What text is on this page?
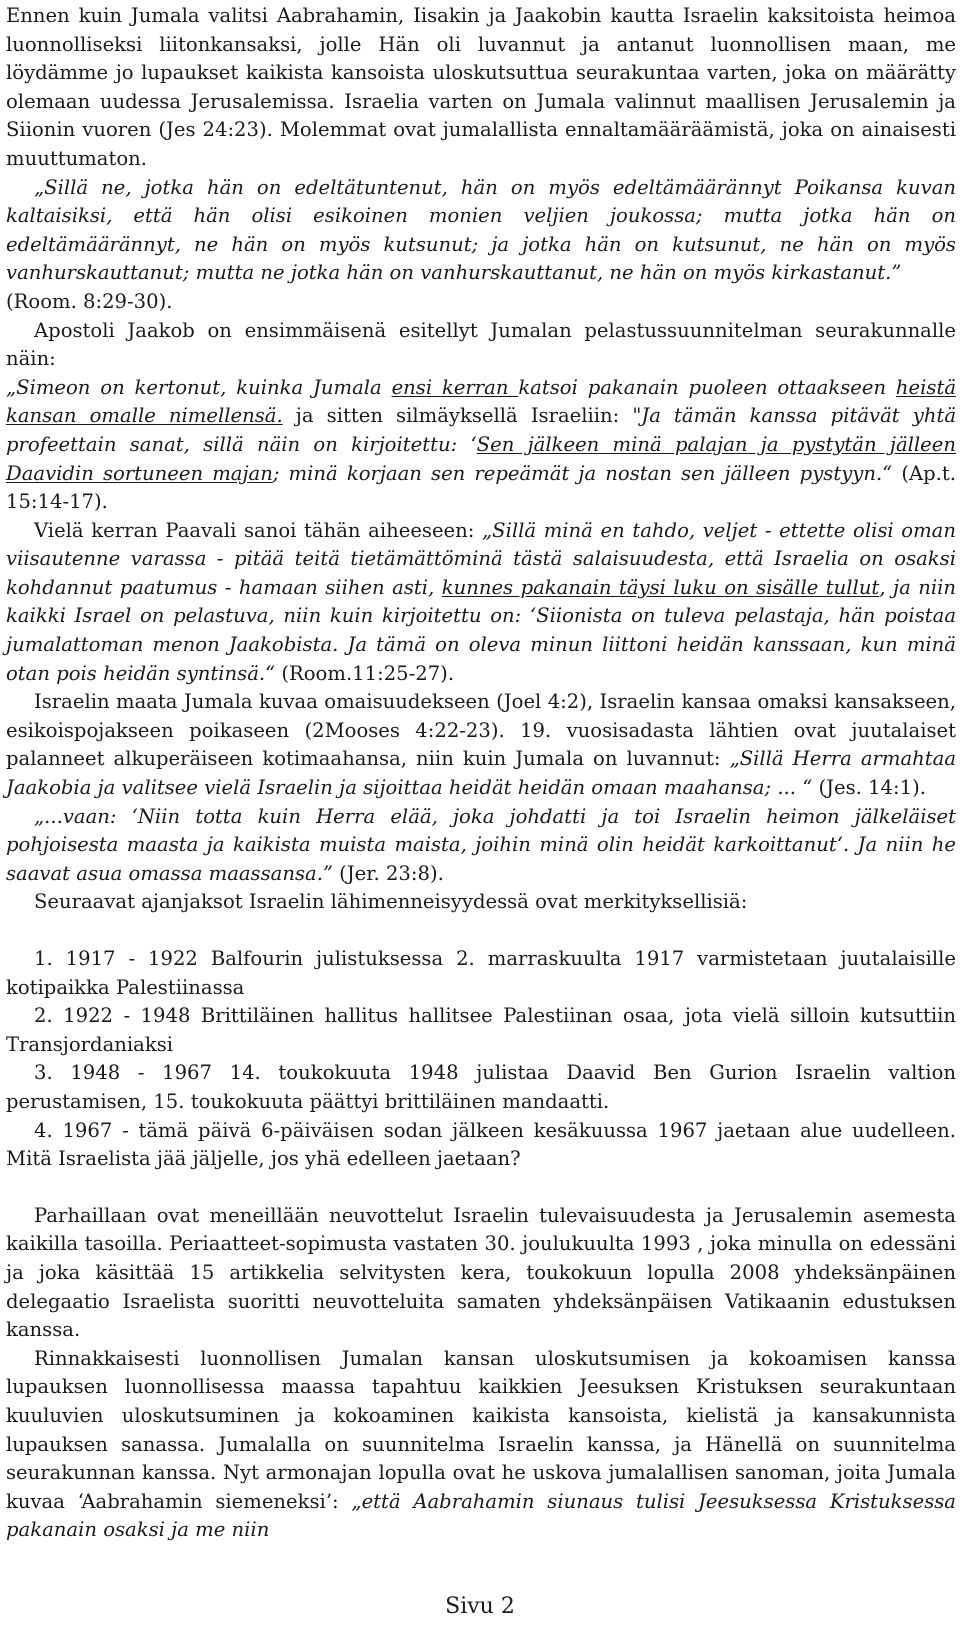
Ennen kuin Jumala valitsi Aabrahamin, Iisakin ja Jaakobin kautta Israelin kaksitoista heimoa luonnolliseksi liitonkansaksi, jolle Hän oli luvannut ja antanut luonnollisen maan, me löydämme jo lupaukset kaikista kansoista uloskutsuttua seurakuntaa varten, joka on määrätty olemaan uudessa Jerusalemissa. Israelia varten on Jumala valinnut maallisen Jerusalemin ja Siionin vuoren (Jes 24:23). Molemmat ovat jumalallista ennaltamääräämistä, joka on ainaisesti muuttumaton.

„Sillä ne, jotka hän on edeltätuntenut, hän on myös edeltämäärännyt Poikansa kuvan kaltaisiksi, että hän olisi esikoinen monien veljien joukossa; mutta jotka hän on edeltämäärännyt, ne hän on myös kutsunut; ja jotka hän on kutsunut, ne hän on myös vanhurskauttanut; mutta ne jotka hän on vanhurskauttanut, ne hän on myös kirkastanut.”

(Room. 8:29-30).

Apostoli Jaakob on ensimmäisenä esitellyt Jumalan pelastussuunnitelman seurakunnalle näin:

„Simeon on kertonut, kuinka Jumala ensi kerran katsoi pakanain puoleen ottaakseen heistä kansan omalle nimellensä. ja sitten silmäyksellä Israeliin: "Ja tämän kanssa pitävät yhtä profeettain sanat, sillä näin on kirjoitettu: ‘Sen jälkeen minä palajan ja pystytän jälleen Daavidin sortuneen majan; minä korjaan sen repeämät ja nostan sen jälleen pystyyn.“ (Ap.t. 15:14-17).

Vielä kerran Paavali sanoi tähän aiheeseen: „Sillä minä en tahdo, veljet - ettette olisi oman viisautenne varassa - pitää teitä tietämättöminä tästä salaisuudesta, että Israelia on osaksi kohdannut paatumus - hamaan siihen asti, kunnes pakanain täysi luku on sisälle tullut, ja niin kaikki Israel on pelastuva, niin kuin kirjoitettu on: ‘Siionista on tuleva pelastaja, hän poistaa jumalattoman menon Jaakobista. Ja tämä on oleva minun liittoni heidän kanssaan, kun minä otan pois heidän syntinsä.“ (Room.11:25-27).

Israelin maata Jumala kuvaa omaisuudekseen (Joel 4:2), Israelin kansaa omaksi kansakseen, esikoispojakseen poikaseen (2Mooses 4:22-23). 19. vuosisadasta lähtien ovat juutalaiset palanneet alkuperäiseen kotimaahansa, niin kuin Jumala on luvannut: „Sillä Herra armahtaa Jaakobia ja valitsee vielä Israelin ja sijoittaa heidät heidän omaan maahansa; ... “ (Jes. 14:1).

„...vaan: ‘Niin totta kuin Herra elää, joka johdatti ja toi Israelin heimon jälkeläiset pohjoisesta maasta ja kaikista muista maista, joihin minä olin heidät karkoittanut‘. Ja niin he saavat asua omassa maassansa.” (Jer. 23:8).

Seuraavat ajanjaksot Israelin lähimenneisyydessä ovat merkityksellisiä:

1. 1917 - 1922 Balfourin julistuksessa 2. marraskuulta 1917 varmistetaan juutalaisille kotipaikka Palestiinassa

2. 1922 - 1948 Brittiläinen hallitus hallitsee Palestiinan osaa, jota vielä silloin kutsuttiin Transjordaniaksi

3. 1948 - 1967 14. toukokuuta 1948 julistaa Daavid Ben Gurion Israelin valtion perustamisen, 15. toukokuuta päättyi brittiläinen mandaatti.

4. 1967 - tämä päivä 6-päiväisen sodan jälkeen kesäkuussa 1967 jaetaan alue uudelleen. Mitä Israelista jää jäljelle, jos yhä edelleen jaetaan?

Parhaillaan ovat meneillään neuvottelut Israelin tulevaisuudesta ja Jerusalemin asemesta kaikilla tasoilla. Periaatteet-sopimusta vastaten 30. joulukuulta 1993 , joka minulla on edessäni ja joka käsittää 15 artikkelia selvitysten kera, toukokuun lopulla 2008 yhdeksänpäinen delegaatio Israelista suoritti neuvotteluita samaten yhdeksänpäisen Vatikaanin edustuksen kanssa.

Rinnakkaisesti luonnollisen Jumalan kansan uloskutsumisen ja kokoamisen kanssa lupauksen luonnollisessa maassa tapahtuu kaikkien Jeesuksen Kristuksen seurakuntaan kuuluvien uloskutsuminen ja kokoaminen kaikista kansoista, kielistä ja kansakunnista lupauksen sanassa. Jumalalla on suunnitelma Israelin kanssa, ja Hänellä on suunnitelma seurakunnan kanssa. Nyt armonajan lopulla ovat he uskova jumalallisen sanoman, joita Jumala kuvaa ‘Aabrahamin siemeneksi’: „että Aabrahamin siunaus tulisi Jeesuksessa Kristuksessa pakanain osaksi ja me niin

Sivu 2
